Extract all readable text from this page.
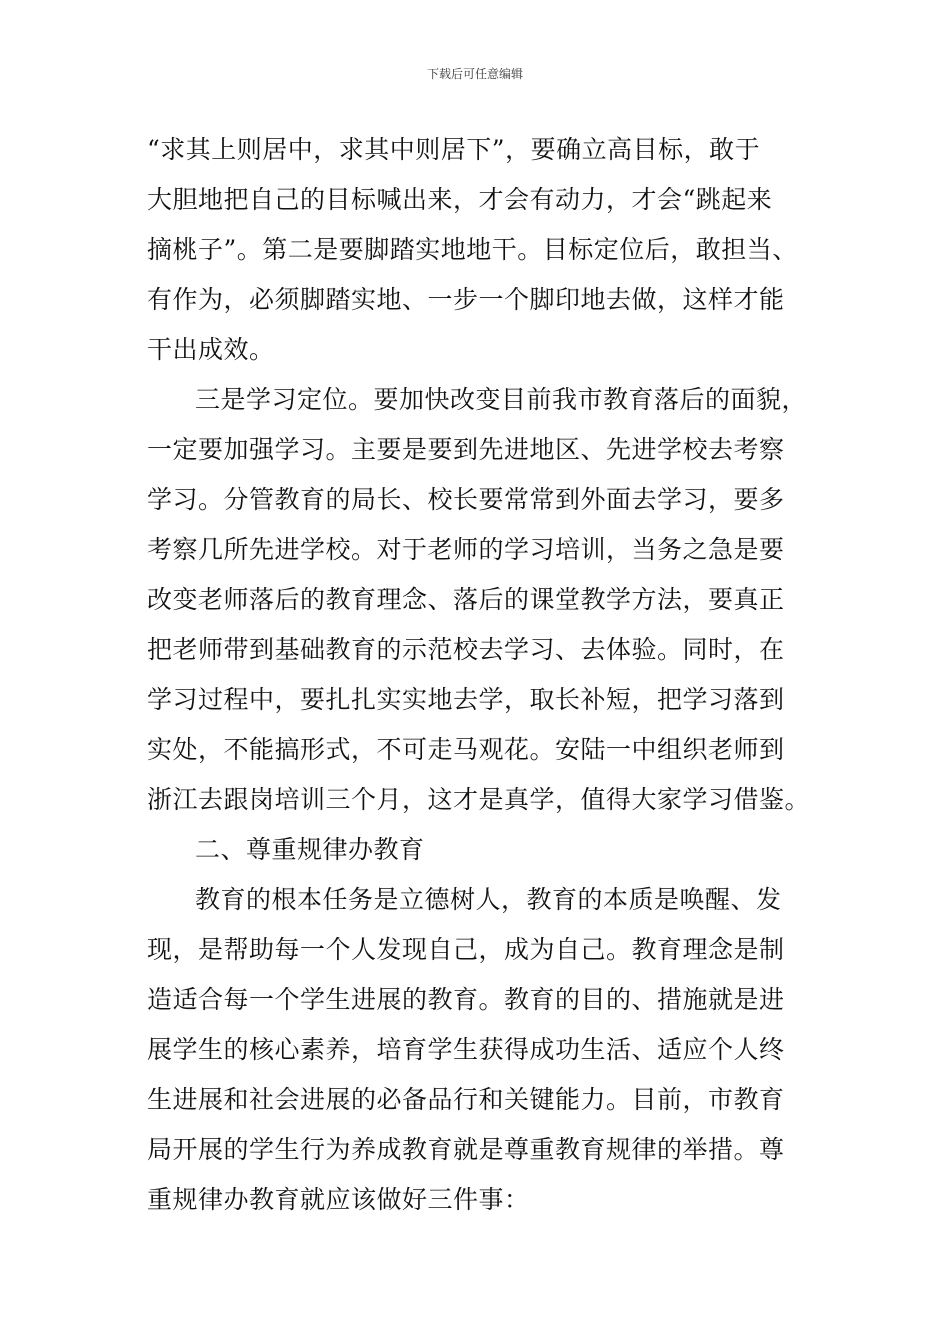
下载后可任意编辑
“求其上则居中，求其中则居下”，要确立高目标，敢于
大胆地把自己的目标喊出来，才会有动力，才会“跳起来
摘桃子”。第二是要脚踏实地地干。目标定位后，敢担当、
有作为，必须脚踏实地、一步一个脚印地去做，这样才能
干出成效。
三是学习定位。要加快改变目前我市教育落后的面貌，
一定要加强学习。主要是要到先进地区、先进学校去考察
学习。分管教育的局长、校长要常常到外面去学习，要多
考察几所先进学校。对于老师的学习培训，当务之急是要
改变老师落后的教育理念、落后的课堂教学方法，要真正
把老师带到基础教育的示范校去学习、去体验。同时，在
学习过程中，要扎扎实实地去学，取长补短，把学习落到
实处，不能搞形式，不可走马观花。安陆一中组织老师到
浙江去跟岗培训三个月，这才是真学，值得大家学习借鉴。
二、尊重规律办教育
教育的根本任务是立德树人，教育的本质是唤醒、发
现，是帮助每一个人发现自己，成为自己。教育理念是制
造适合每一个学生进展的教育。教育的目的、措施就是进
展学生的核心素养，培育学生获得成功生活、适应个人终
生进展和社会进展的必备品行和关键能力。目前，市教育
局开展的学生行为养成教育就是尊重教育规律的举措。尊
重规律办教育就应该做好三件事：
